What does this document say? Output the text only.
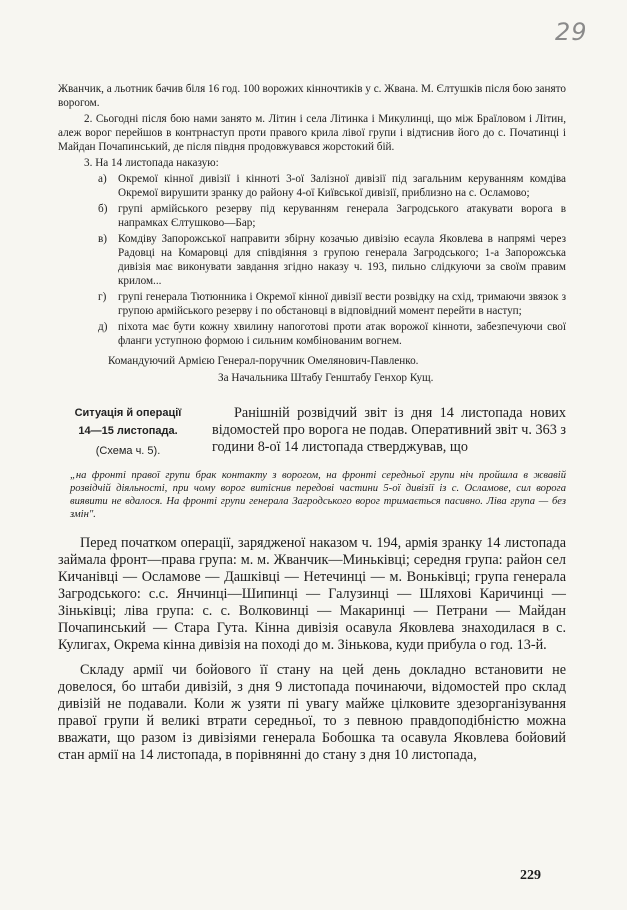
29

Жванчик, а льотник бачив біля 16 год. 100 ворожих кінночтиків у с. Жвана. М. Єлтушків після бою занято ворогом.

2. Сьогодні після бою нами занято м. Літин і села Літинка і Микулинці, що між Браїловом і Літин, алеж ворог перейшов в контрнаступ проти правого крила лівої групи і відтиснив його до с. Початинці і Майдан Почапинський, де після півдня продовжувався жорстокий бій.

3. На 14 листопада наказую:

а) Окремої кінної дивізії і кінноті 3-ої Залізної дивізії під загальним керуванням комдіва Окремої вирушити зранку до району 4-ої Київської дивізії, приблизно на с. Осламово;
б) групі армійського резерву під керуванням генерала Загродського атакувати ворога в напрамках Єлтушково—Бар;
в) Комдіву Запорожської направити збірну козачью дивізію есаула Яковлева в напрямі через Радовці на Комаровці для співдіяння з групою генерала Загродського; 1-а Запорожська дивізія має виконувати завдання згідно наказу ч. 193, пильно слідкуючи за своїм правим крилом...
г) групі генерала Тютюнника і Окремої кінної дивізії вести розвідку на схід, тримаючи звязок з групою армійського резерву і по обстановці в відповідний момент перейти в наступ;
д) піхота має бути кожну хвилину напоготові проти атак ворожої кінноти, забезпечуючи свої фланги уступною формою і сильним комбінованим вогнем.
Командуючий Армією Генерал-поручник Омелянович-Павленко.
За Начальника Штабу Генштабу Генхор Кущ.
Ситуація й операції
14—15 листопада.
(Схема ч. 5).

Ранішній розвідчий звіт із дня 14 листопада нових відомостей про ворога не подав. Оперативний звіт ч. 363 з години 8-ої 14 листопада стверджував, що

„на фронті правої групи брак контакту з ворогом, на фронті середньої групи ніч пройшла в жвавій розвідчій діяльності, при чому ворог витіснив передові частини 5-ої дивізії із с. Осламове, сил ворога виявити не вдалося. На фронті групи генерала Загродського ворог тримається пасивно. Ліва група — без змін".

Перед початком операції, зарядженої наказом ч. 194, армія зранку 14 листопада займала фронт—права група: м. м. Жванчик—Миньківці; середня група: район сел Кичанівці — Осламове — Дашківці — Нетечинці — м. Воньківці; група генерала Загродського: с.с. Янчинці—Шипинці — Галузинці — Шляхові Каричинці — Зіньківці; ліва група: с. с. Волковинці — Макаринці — Петрани — Майдан Почапинський — Стара Гута. Кінна дивізія осавула Яковлева знаходилася в с. Кулигах, Окрема кінна дивізія на поході до м. Зінькова, куди прибула о год. 13-й.

Складу армії чи бойового її стану на цей день докладно встановити не довелося, бо штаби дивізій, з дня 9 листопада починаючи, відомостей про склад дивізій не подавали. Коли ж узяти пі увагу майже цілковите здезорганізування правої групи й великі втрати середньої, то з певною правдоподібністю можна вважати, що разом із дивізіями генерала Бобошка та осавула Яковлева бойовий стан армії на 14 листопада, в порівнянні до стану з дня 10 листопада,

229
